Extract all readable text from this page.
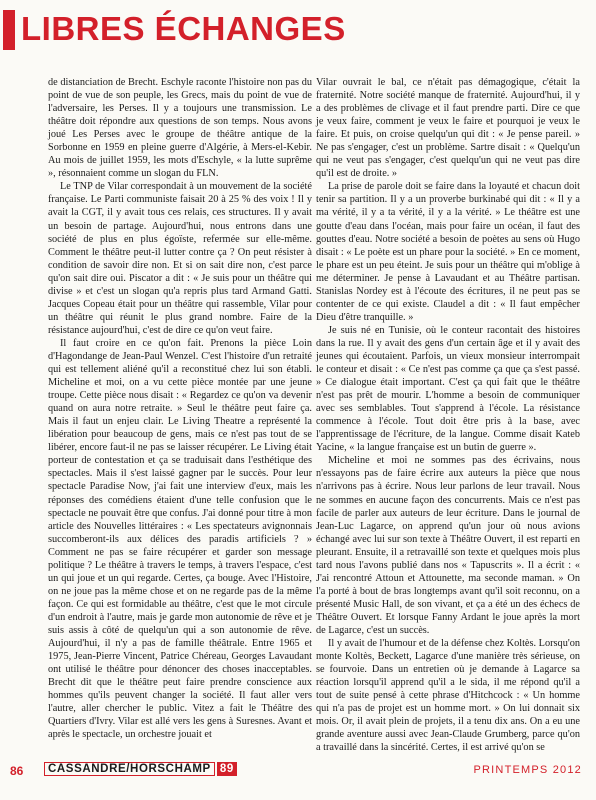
LIBRES ÉCHANGES

de distanciation de Brecht. Eschyle raconte l'histoire non pas du point de vue de son peuple, les Grecs, mais du point de vue de l'adversaire, les Perses. Il y a toujours une transmission. Le théâtre doit répondre aux questions de son temps. Nous avons joué Les Perses avec le groupe de théâtre antique de la Sorbonne en 1959 en pleine guerre d'Algérie, à Mers-el-Kebir. Au mois de juillet 1959, les mots d'Eschyle, « la lutte suprême », résonnaient comme un slogan du FLN.

Le TNP de Vilar correspondait à un mouvement de la société française. Le Parti communiste faisait 20 à 25 % des voix ! Il y avait la CGT, il y avait tous ces relais, ces structures. Il y avait un besoin de partage. Aujourd'hui, nous entrons dans une société de plus en plus égoïste, refermée sur elle-même. Comment le théâtre peut-il lutter contre ça ? On peut résister à condition de savoir dire non. Et si on sait dire non, c'est parce qu'on sait dire oui. Piscator a dit : « Je suis pour un théâtre qui divise » et c'est un slogan qu'a repris plus tard Armand Gatti. Jacques Copeau était pour un théâtre qui rassemble, Vilar pour un théâtre qui réunit le plus grand nombre. Faire de la résistance aujourd'hui, c'est de dire ce qu'on veut faire.

Il faut croire en ce qu'on fait. Prenons la pièce Loin d'Hagondange de Jean-Paul Wenzel. C'est l'histoire d'un retraité qui est tellement aliéné qu'il a reconstitué chez lui son établi. Micheline et moi, on a vu cette pièce montée par une jeune troupe. Cette pièce nous disait : « Regardez ce qu'on va devenir quand on aura notre retraite. » Seul le théâtre peut faire ça. Mais il faut un enjeu clair. Le Living Theatre a représenté la libération pour beaucoup de gens, mais ce n'est pas tout de se libérer, encore faut-il ne pas se laisser récupérer. Le Living était porteur de contestation et ça se traduisait dans l'esthétique des spectacles. Mais il s'est laissé gagner par le succès. Pour leur spectacle Paradise Now, j'ai fait une interview d'eux, mais les réponses des comédiens étaient d'une telle confusion que le spectacle ne pouvait être que confus. J'ai donné pour titre à mon article des Nouvelles littéraires : « Les spectateurs avignonnais succomberont-ils aux délices des paradis artificiels ? » Comment ne pas se faire récupérer et garder son message politique ? Le théâtre à travers le temps, à travers l'espace, c'est un qui joue et un qui regarde. Certes, ça bouge. Avec l'Histoire, on ne joue pas la même chose et on ne regarde pas de la même façon. Ce qui est formidable au théâtre, c'est que le mot circule d'un endroit à l'autre, mais je garde mon autonomie de rêve et je suis assis à côté de quelqu'un qui a son autonomie de rêve. Aujourd'hui, il n'y a pas de famille théâtrale. Entre 1965 et 1975, Jean-Pierre Vincent, Patrice Chéreau, Georges Lavaudant ont utilisé le théâtre pour dénoncer des choses inacceptables. Brecht dit que le théâtre peut faire prendre conscience aux hommes qu'ils peuvent changer la société. Il faut aller vers l'autre, aller chercher le public. Vitez a fait le Théâtre des Quartiers d'Ivry. Vilar est allé vers les gens à Suresnes. Avant et après le spectacle, un orchestre jouait et

Vilar ouvrait le bal, ce n'était pas démagogique, c'était la fraternité. Notre société manque de fraternité. Aujourd'hui, il y a des problèmes de clivage et il faut prendre parti. Dire ce que je veux faire, comment je veux le faire et pourquoi je veux le faire. Et puis, on croise quelqu'un qui dit : « Je pense pareil. » Ne pas s'engager, c'est un problème. Sartre disait : « Quelqu'un qui ne veut pas s'engager, c'est quelqu'un qui ne veut pas dire qu'il est de droite. »

La prise de parole doit se faire dans la loyauté et chacun doit tenir sa partition. Il y a un proverbe burkinabé qui dit : « Il y a ma vérité, il y a ta vérité, il y a la vérité. » Le théâtre est une goutte d'eau dans l'océan, mais pour faire un océan, il faut des gouttes d'eau. Notre société a besoin de poètes au sens où Hugo disait : « Le poète est un phare pour la société. » En ce moment, le phare est un peu éteint. Je suis pour un théâtre qui m'oblige à me déterminer. Je pense à Lavaudant et au Théâtre partisan. Stanislas Nordey est à l'écoute des écritures, il ne peut pas se contenter de ce qui existe. Claudel a dit : « Il faut empêcher Dieu d'être tranquille. »

Je suis né en Tunisie, où le conteur racontait des histoires dans la rue. Il y avait des gens d'un certain âge et il y avait des jeunes qui écoutaient. Parfois, un vieux monsieur interrompait le conteur et disait : « Ce n'est pas comme ça que ça s'est passé. » Ce dialogue était important. C'est ça qui fait que le théâtre n'est pas prêt de mourir. L'homme a besoin de communiquer avec ses semblables. Tout s'apprend à l'école. La résistance commence à l'école. Tout doit être pris à la base, avec l'apprentissage de l'écriture, de la langue. Comme disait Kateb Yacine, « la langue française est un butin de guerre ».

Micheline et moi ne sommes pas des écrivains, nous n'essayons pas de faire écrire aux auteurs la pièce que nous n'arrivons pas à écrire. Nous leur parlons de leur travail. Nous ne sommes en aucune façon des concurrents. Mais ce n'est pas facile de parler aux auteurs de leur écriture. Dans le journal de Jean-Luc Lagarce, on apprend qu'un jour où nous avions échangé avec lui sur son texte à Théâtre Ouvert, il est reparti en pleurant. Ensuite, il a retravaillé son texte et quelques mois plus tard nous l'avons publié dans nos « Tapuscrits ». Il a écrit : « J'ai rencontré Attoun et Attounette, ma seconde maman. » On l'a porté à bout de bras longtemps avant qu'il soit reconnu, on a présenté Music Hall, de son vivant, et ça a été un des échecs de Théâtre Ouvert. Et lorsque Fanny Ardant le joue après la mort de Lagarce, c'est un succès.

Il y avait de l'humour et de la défense chez Koltès. Lorsqu'on monte Koltès, Beckett, Lagarce d'une manière très sérieuse, on se fourvoie. Dans un entretien où je demande à Lagarce sa réaction lorsqu'il apprend qu'il a le sida, il me répond qu'il a tout de suite pensé à cette phrase d'Hitchcock : « Un homme qui n'a pas de projet est un homme mort. » On lui donnait six mois. Or, il avait plein de projets, il a tenu dix ans. On a eu une grande aventure aussi avec Jean-Claude Grumberg, parce qu'on a travaillé dans la sincérité. Certes, il est arrivé qu'on se

86	CASSANDRE/HORSCHAMP 89	PRINTEMPS 2012
